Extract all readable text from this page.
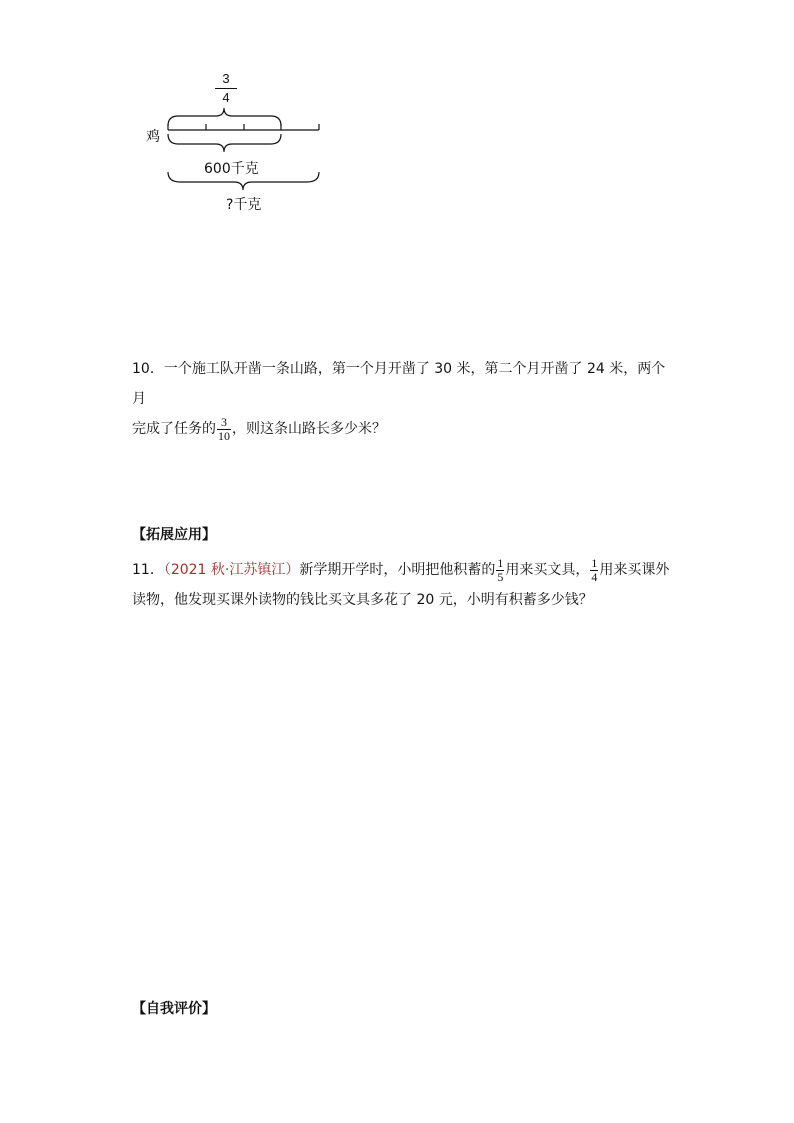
3
4
鸡
600千克
?千克
10．一个施工队开凿一条山路，第一个月开凿了 30 米，第二个月开凿了 24 米，两个月
完成了任务的 $\frac{3}{10}$ ，则这条山路长多少米？
【拓展应用】
11．（2021 秋·江苏镇江）新学期开学时，小明把他积蓄的 $\frac{1}{5}$ 用来买文具， $\frac{1}{4}$ 用来买课外
读物，他发现买课外读物的钱比买文具多花了 20 元，小明有积蓄多少钱？
【自我评价】
